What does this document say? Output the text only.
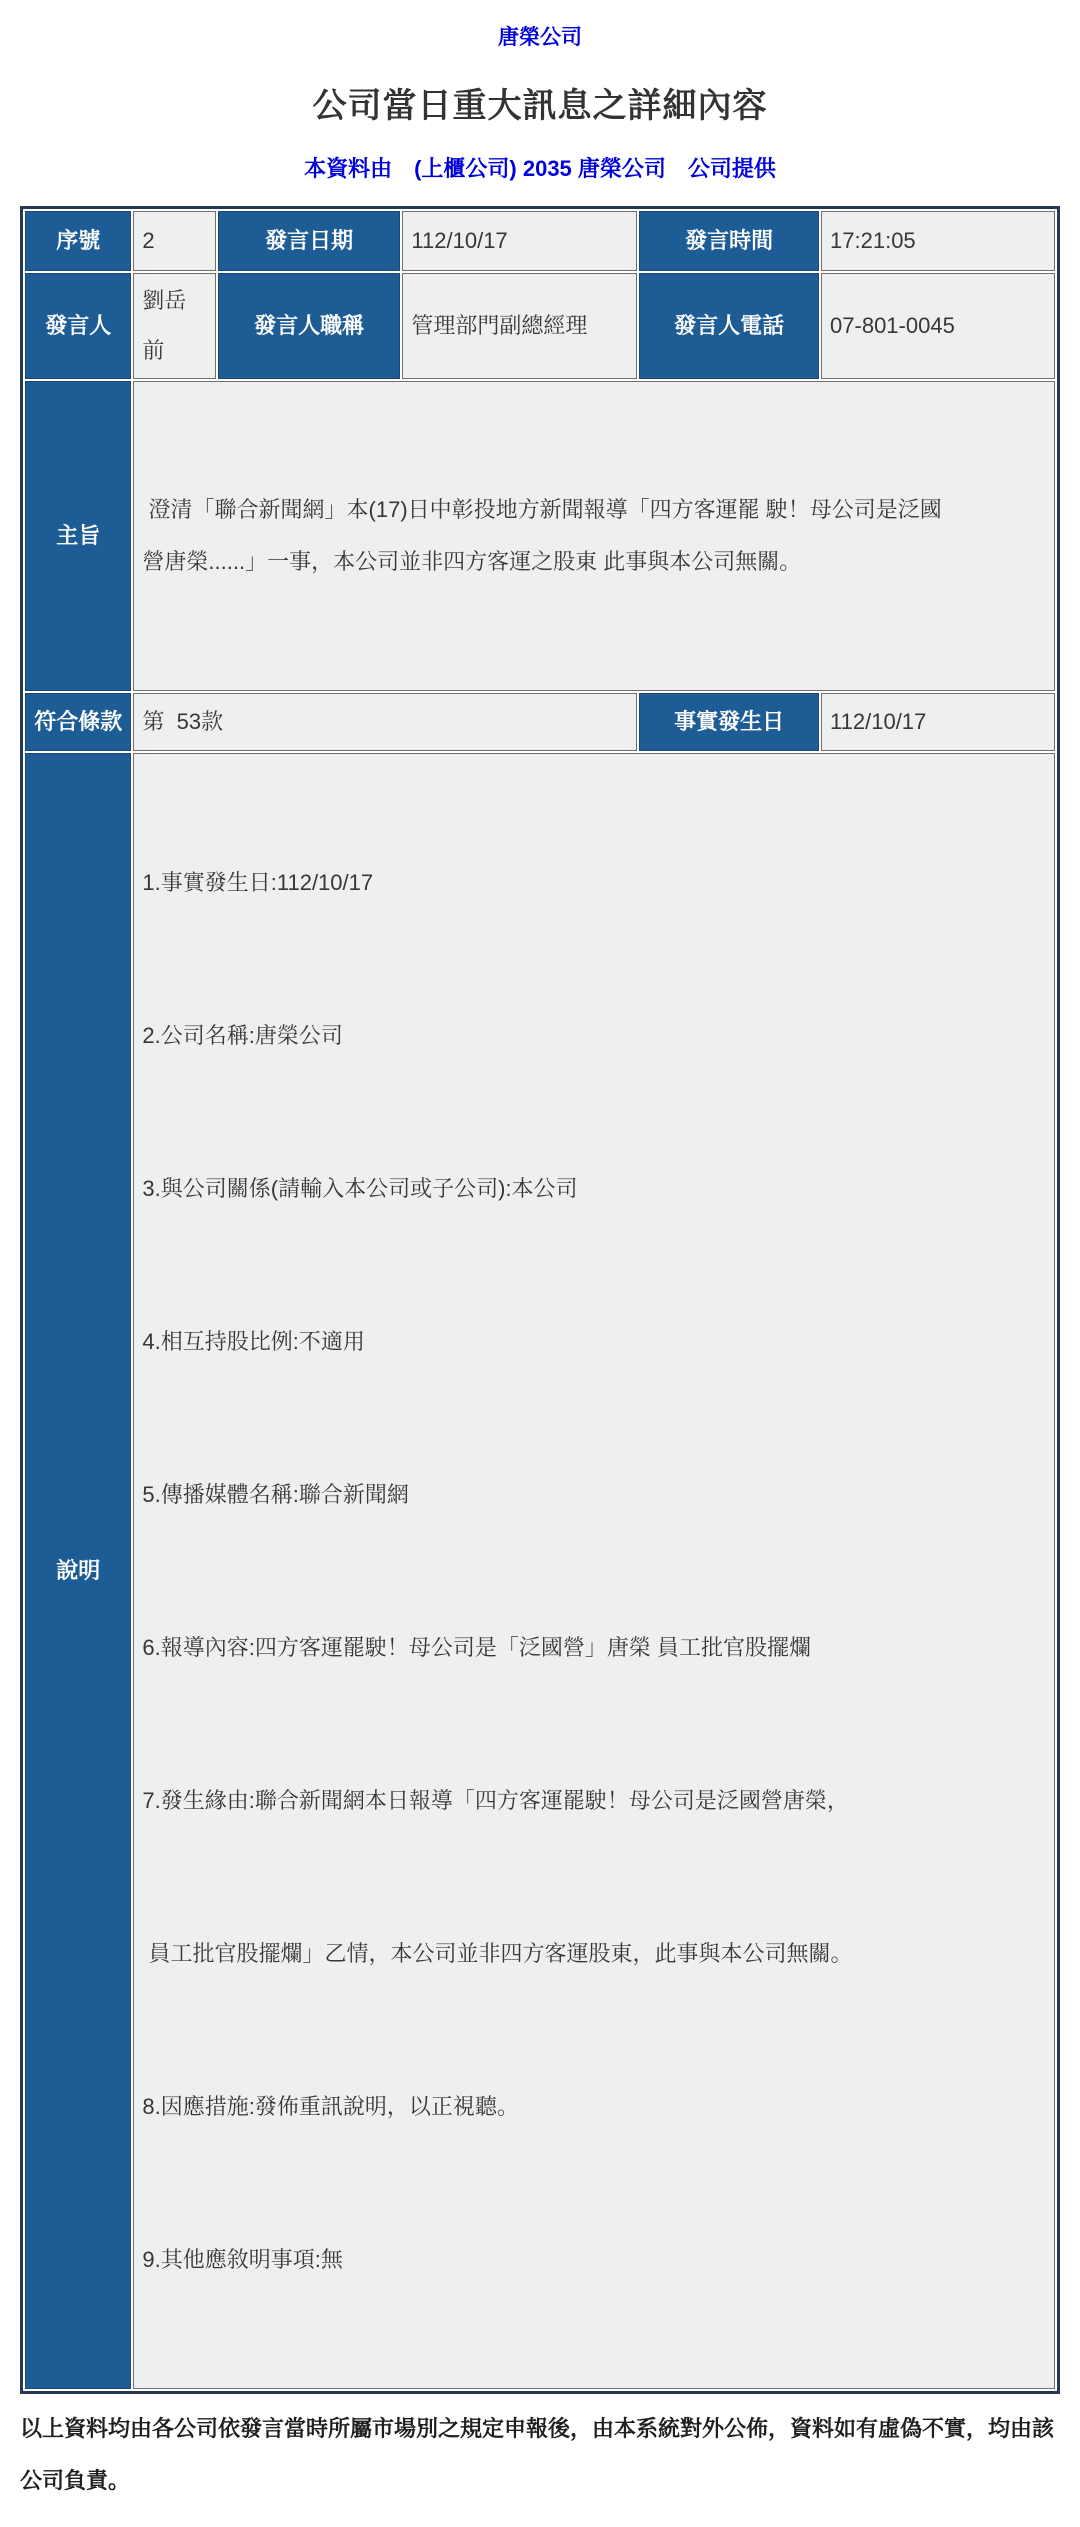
唐榮公司
公司當日重大訊息之詳細內容
本資料由　(上櫃公司) 2035 唐榮公司　公司提供
序號	2	發言日期	112/10/17	發言時間	17:21:05
發言人	劉岳前	發言人職稱	管理部門副總經理	發言人電話	07-801-0045
主旨	澄清「聯合新聞網」本(17)日中彰投地方新聞報導「四方客運罷 駛！母公司是泛國營唐榮......」一事，本公司並非四方客運之股東 此事與本公司無關。				

符合條款	第  53款			事實發生日	112/10/17
說明	

1.事實發生日:112/10/17

2.公司名稱:唐榮公司

3.與公司關係(請輸入本公司或子公司):本公司

4.相互持股比例:不適用

5.傳播媒體名稱:聯合新聞網

6.報導內容:四方客運罷駛！母公司是「泛國營」唐榮 員工批官股擺爛

7.發生緣由:聯合新聞網本日報導「四方客運罷駛！母公司是泛國營唐榮，

員工批官股擺爛」乙情，本公司並非四方客運股東，此事與本公司無關。

8.因應措施:發佈重訊說明，以正視聽。

9.其他應敘明事項:無

以上資料均由各公司依發言當時所屬市場別之規定申報後，由本系統對外公佈，資料如有虛偽不實，均由該公司負責。
